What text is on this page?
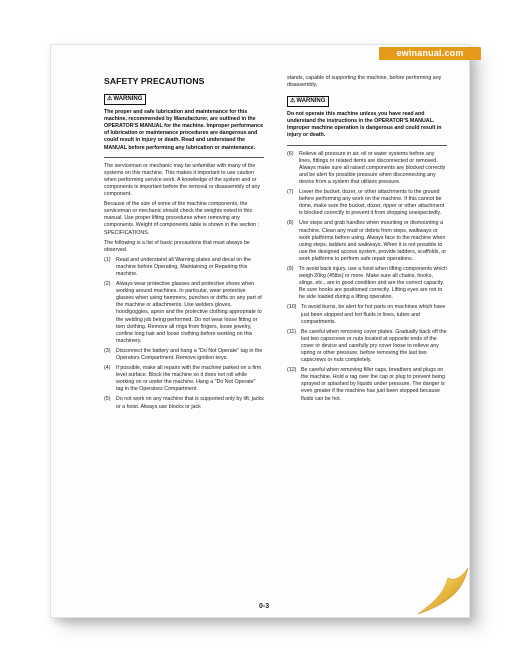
SAFETY PRECAUTIONS
⚠WARNING

The proper and safe lubrication and maintenance for this machine, recommended by Manufacturer, are outlined in the OPERATOR'S MANUAL for the machine. Improper performance of lubrication or maintenance procedures are dangerous and could result in injury or death. Read and understand the MANUAL before performing any lubrication or maintenance.

The serviceman or mechanic may be unfamiliar with many of the systems on this machine. This makes it important to use caution when performing service work. A knowledge of the system and or components is important before the removal or disassembly of any component.

Because of the size of some of the machine components, the serviceman or mechanic should check the weights noted in this manual. Use proper lifting procedures when removing any components. Weight of components table is shown in the section ; SPECIFICATIONS.

The following is a list of basic precautions that must always be observed.

(1)	Read and understand all Warning plates and decal on the machine before Operating, Maintaining or Repairing this machine.
(2)	Always wear protective glasses and protective shoes when working around machines. In particular, wear protective glasses when using hammers, punches or drifts on any part of the machine or attachments. Use welders gloves, hood/goggles, apron and the protective clothing appropriate to the welding job being performed. Do not wear loose fitting or torn clothing. Remove all rings from fingers, loose jewelry, confine long hair and loose clothing before working on this machinery.
(3)	Disconnect the battery and hang a "Do Not Operate" tag in the Operators Compartment. Remove ignition keys.
(4)	If possible, make all repairs with the machine parked on a firm level surface. Block the machine so it does not roll while working on or under the machine. Hang a "Do Not Operate" tag in the Operators Compartment.
(5)	Do not work on any machine that is supported only by lift, jacks or a hoist. Always use blocks or jack

stands, capable of supporting the machine, before performing any disassembly.

⚠WARNING

Do not operate this machine unless you have read and understand the instructions in the OPERATOR'S MANUAL. Improper machine operation is dangerous and could result in injury or death.

(6)	Relieve all pressure in air, oil or water systems before any lines, fittings or related items are disconnected or removed. Always make sure all raised components are blocked correctly and be alert for possible pressure when disconnecting any device from a system that utilizes pressure.
(7)	Lower the bucket, dozer, or other attachments to the ground before performing any work on the machine. If this cannot be done, make sure the bucket, dozer, ripper or other attachment is blocked correctly to prevent it from dropping unexpectedly.
(8)	Use steps and grab handles when mounting or dismounting a machine. Clean any mud or debris from steps, walkways or work platforms before using. Always face to the machine when using steps, ladders and walkways. When it is not possible to use the designed access system, provide ladders, scaffolds, or work platforms to perform safe repair operations.
(9)	To avoid back injury, use a hoist when lifting components which weigh 20kg (45lbs) or more. Make sure all chains, hooks, slings, etc., are in good condition and are the correct capacity. Be sure hooks are positioned correctly. Lifting eyes are not to be side loaded during a lifting operation.
(10) To avoid burns, be alert for hot parts on machines which have just been stopped and hot fluids in lines, tubes and compartments.
(11) Be careful when removing cover plates. Gradually back off the last two capscrews or nuts located at opposite ends of the cover or device and carefully pry cover loose to relieve any spring or other pressure, before removing the last two capscrews or nuts completely.
(12) Be careful when removing filler caps, breathers and plugs on the machine. Hold a rag over the cap or plug to prevent being sprayed or splashed by liquids under pressure. The danger is even greater if the machine has just been stopped because fluids can be hot.
ewinanual.com
0-3
